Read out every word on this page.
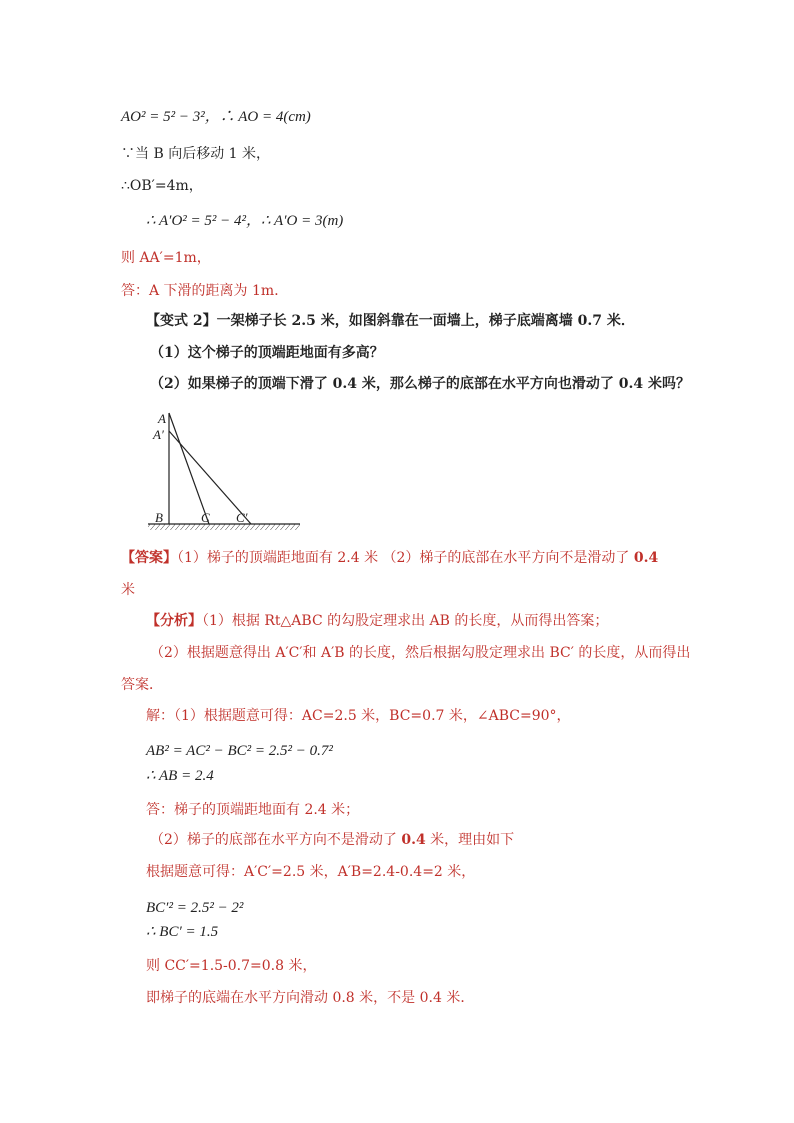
AO² = 5² − 3²，∴ AO = 4(cm)
∵当 B 向后移动 1 米，
∴OB′=4m，
∴ A′O² = 5² − 4²，∴ A′O = 3(m)
则 AA′=1m，
答：A 下滑的距离为 1m．
【变式 2】一架梯子长 2.5 米，如图斜靠在一面墙上，梯子底端离墙 0.7 米．
（1）这个梯子的顶端距地面有多高？
（2）如果梯子的顶端下滑了 0.4 米，那么梯子的底部在水平方向也滑动了 0.4 米吗？
A
A′
B	C C′
【答案】（1）梯子的顶端距地面有 2.4 米 （2）梯子的底部在水平方向不是滑动了 0.4
米
【分析】（1）根据 Rt△ABC 的勾股定理求出 AB 的长度，从而得出答案；
（2）根据题意得出 A′C′和 A′B 的长度，然后根据勾股定理求出 BC′ 的长度，从而得出
答案．
解：（1）根据题意可得：AC=2.5 米，BC=0.7 米，∠ABC=90°，
AB² = AC² − BC² = 2.5² − 0.7²
∴ AB = 2.4
答：梯子的顶端距地面有 2.4 米；
（2）梯子的底部在水平方向不是滑动了 0.4 米，理由如下
根据题意可得：A′C′=2.5 米，A′B=2.4-0.4=2 米，
BC′² = 2.5² − 2²
∴ BC′ = 1.5
则 CC′=1.5-0.7=0.8 米，
即梯子的底端在水平方向滑动 0.8 米，不是 0.4 米．
